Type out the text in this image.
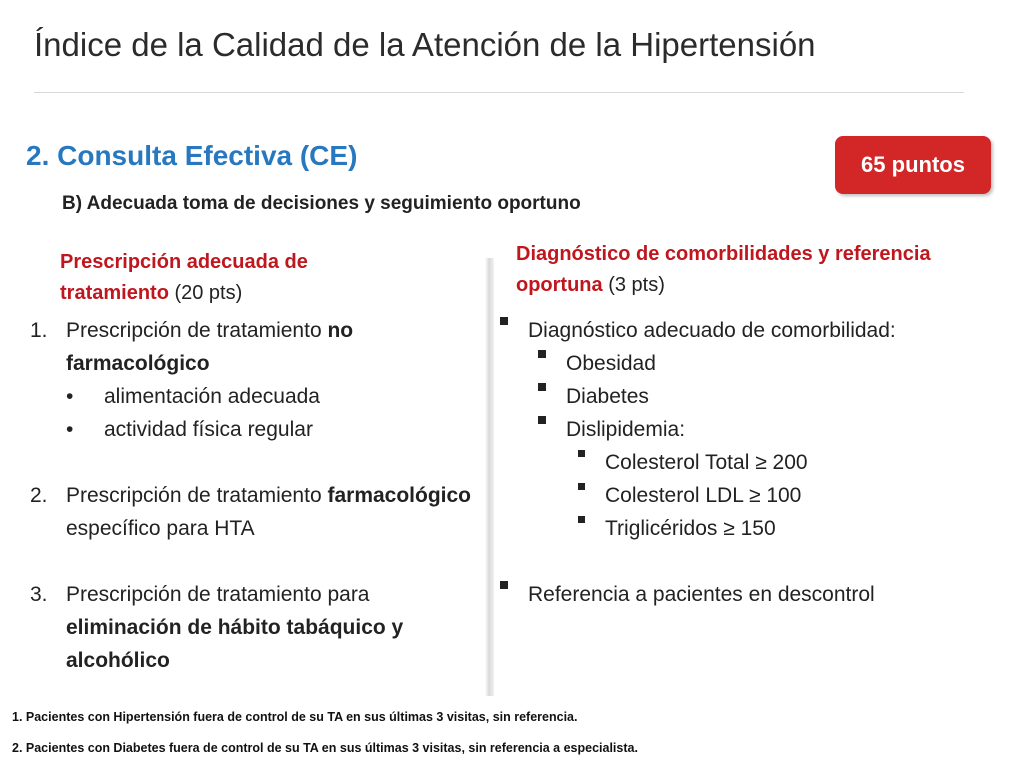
Índice de la Calidad de la Atención de la Hipertensión
2. Consulta Efectiva (CE)	65 puntos
B) Adecuada toma de decisiones y seguimiento oportuno
Prescripción adecuada de tratamiento (20 pts)
Diagnóstico de comorbilidades y referencia oportuna (3 pts)
1. Prescripción de tratamiento no farmacológico
•	alimentación adecuada
•	actividad física regular
2. Prescripción de tratamiento farmacológico específico para HTA
3. Prescripción de tratamiento para eliminación de hábito tabáquico y alcohólico
Diagnóstico adecuado de comorbilidad:
Obesidad
Diabetes
Dislipidemia:
Colesterol Total ≥ 200
Colesterol LDL ≥ 100
Triglicéridos ≥ 150
Referencia a pacientes en descontrol
1. Pacientes con Hipertensión fuera de control de su TA en sus últimas 3 visitas, sin referencia.
2. Pacientes con Diabetes fuera de control de su TA en sus últimas 3 visitas, sin referencia a especialista.
